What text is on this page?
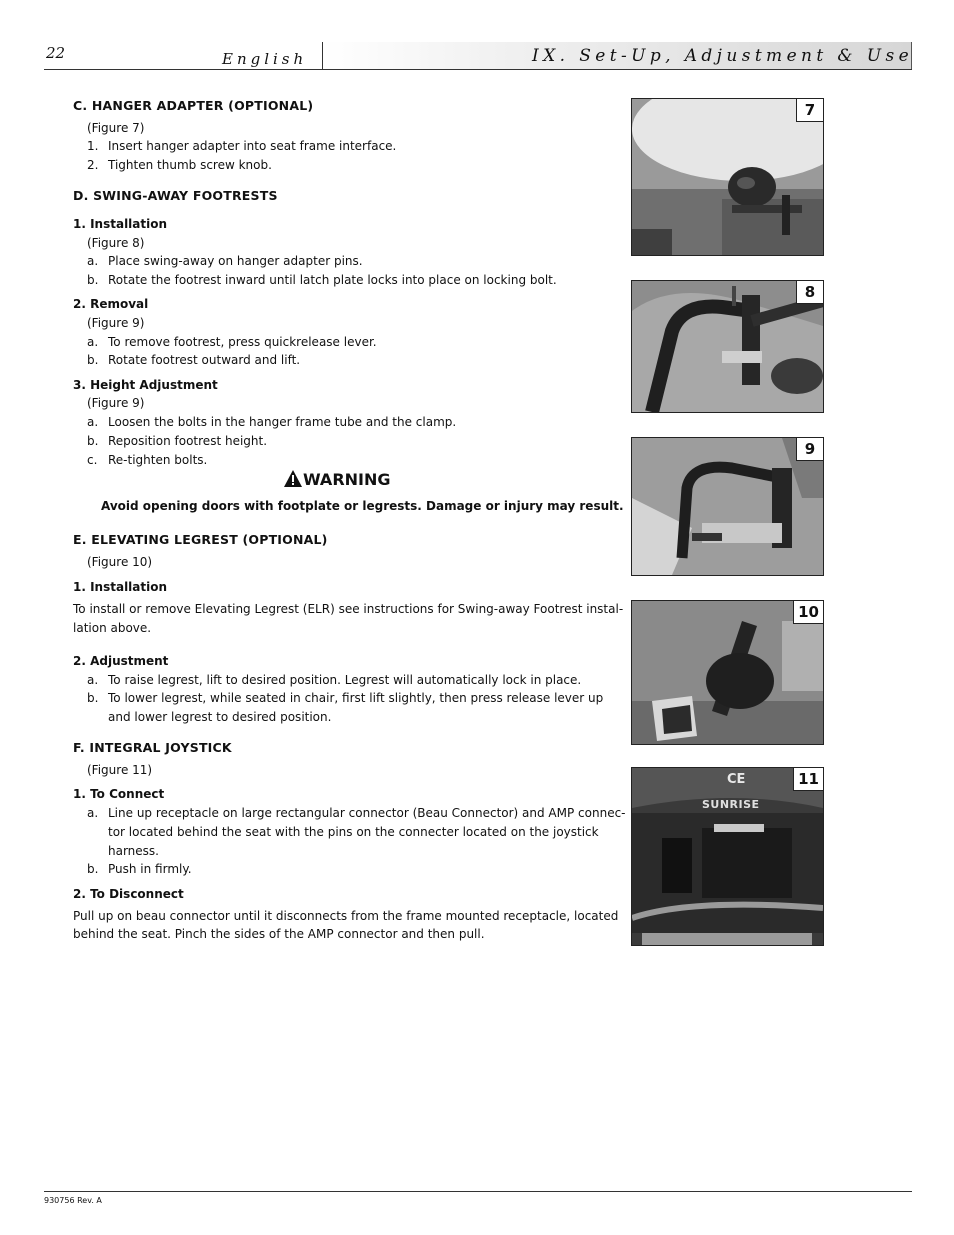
22	English	IX. Set-Up, Adjustment & Use
C. HANGER ADAPTER (OPTIONAL)
(Figure 7)
1. Insert hanger adapter into seat frame interface.
2. Tighten thumb screw knob.
D. SWING-AWAY FOOTRESTS
1. Installation
(Figure 8)
a. Place swing-away on hanger adapter pins.
b. Rotate the footrest inward until latch plate locks into place on locking bolt.
2. Removal
(Figure 9)
a. To remove footrest, press quickrelease lever.
b. Rotate footrest outward and lift.
3. Height Adjustment
(Figure 9)
a. Loosen the bolts in the hanger frame tube and the clamp.
b. Reposition footrest height.
c. Re-tighten bolts.
WARNING
Avoid opening doors with footplate or legrests. Damage or injury may result.
E. ELEVATING LEGREST (OPTIONAL)
(Figure 10)
1. Installation
To install or remove Elevating Legrest (ELR) see instructions for Swing-away Footrest instal-
lation above.
2. Adjustment
a. To raise legrest, lift to desired position. Legrest will automatically lock in place.
b. To lower legrest, while seated in chair, first lift slightly, then press release lever up
and lower legrest to desired position.
F. INTEGRAL JOYSTICK
(Figure 11)
1. To Connect
a. Line up receptacle on large rectangular connector (Beau Connector) and AMP connec-
tor located behind the seat with the pins on the connecter located on the joystick
harness.
b. Push in firmly.
2. To Disconnect
Pull up on beau connector until it disconnects from the frame mounted receptacle, located
behind the seat. Pinch the sides of the AMP connector and then pull.
7
8
9
10
CE
SUNRISE
11
930756 Rev. A
